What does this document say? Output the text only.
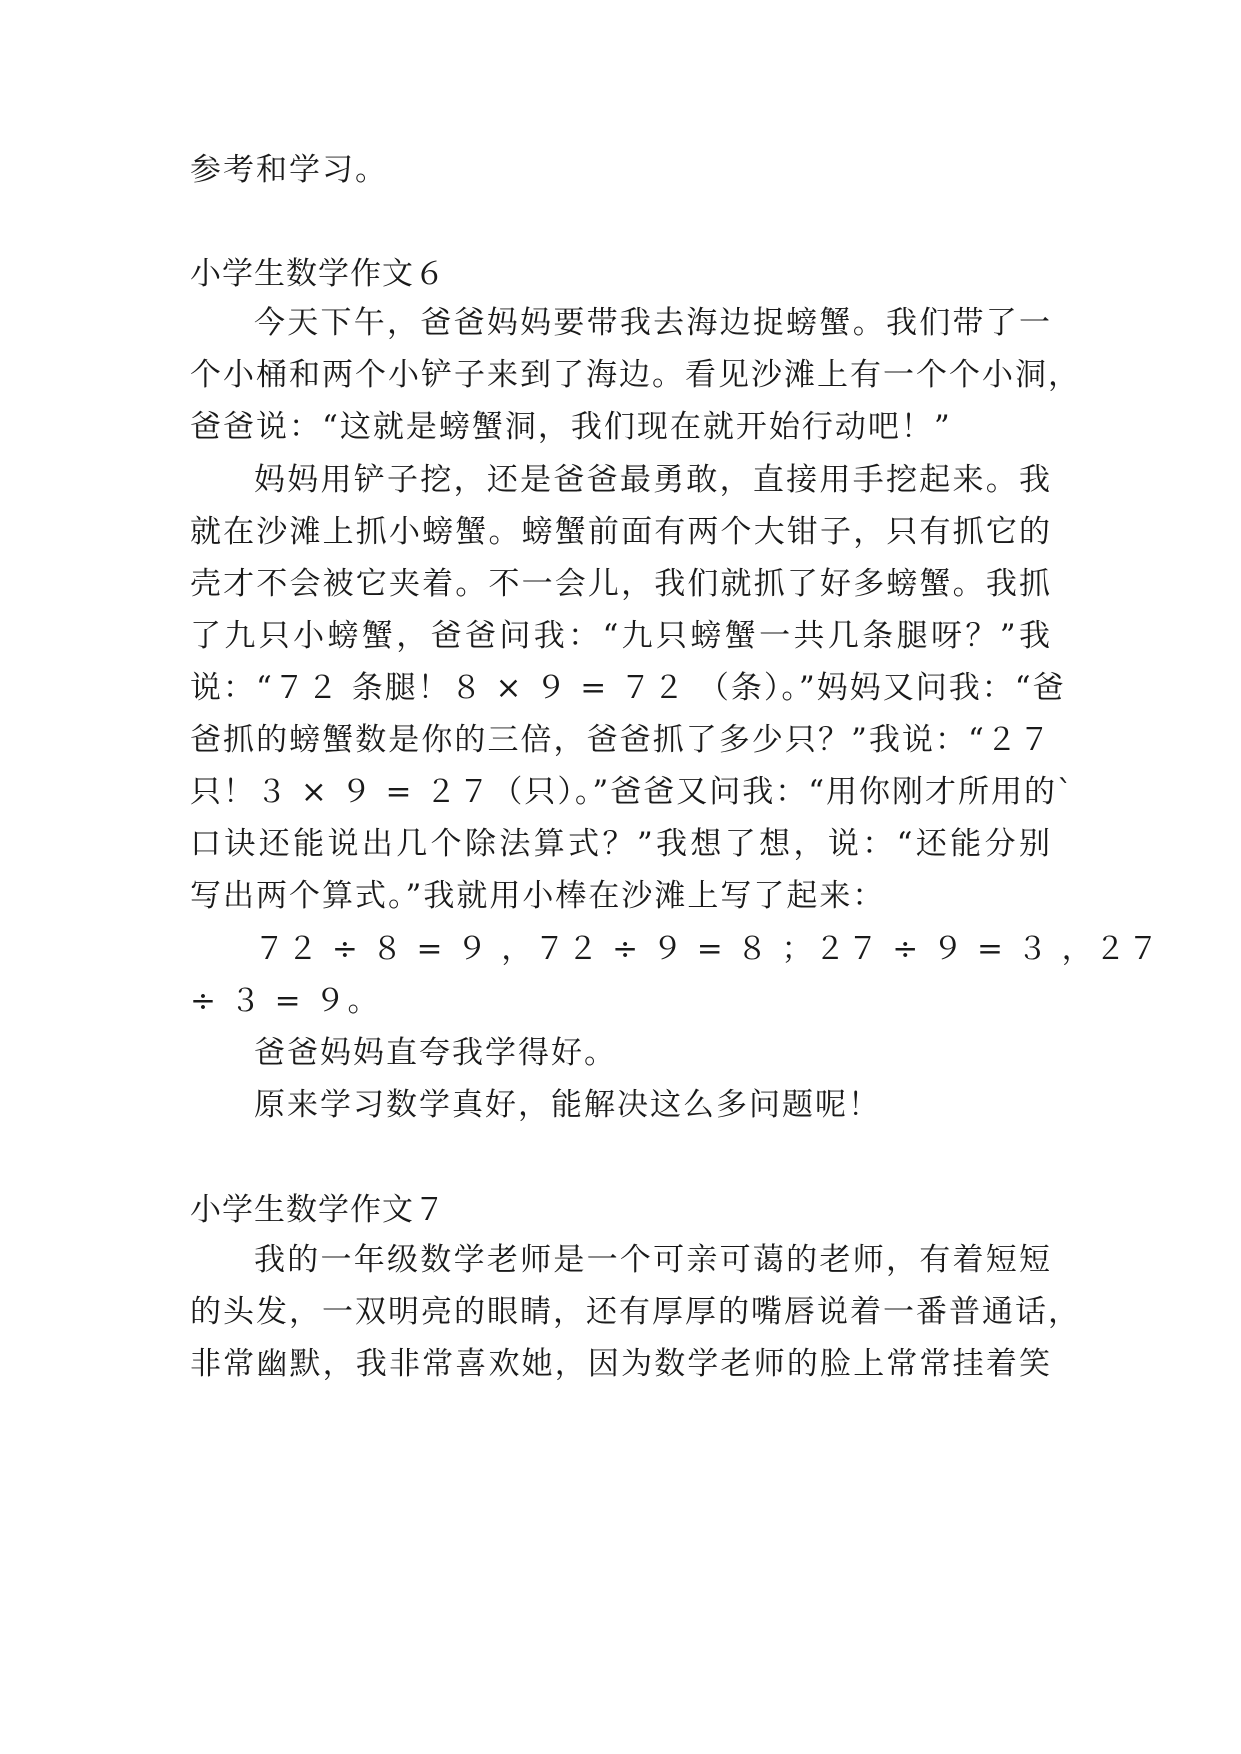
参考和学习。
小学生数学作文６
今天下午，爸爸妈妈要带我去海边捉螃蟹。我们带了一
个小桶和两个小铲子来到了海边。看见沙滩上有一个个小洞，
爸爸说：“这就是螃蟹洞，我们现在就开始行动吧！”
妈妈用铲子挖，还是爸爸最勇敢，直接用手挖起来。我
就在沙滩上抓小螃蟹。螃蟹前面有两个大钳子，只有抓它的
壳才不会被它夹着。不一会儿，我们就抓了好多螃蟹。我抓
了九只小螃蟹，爸爸问我：“九只螃蟹一共几条腿呀？”我
说：“７２ 条腿！８ × ９ = ７２ （条）。”妈妈又问我：“爸
爸抓的螃蟹数是你的三倍，爸爸抓了多少只？”我说：“２７
只！３ × ９ = ２７（只）。”爸爸又问我：“用你刚才所用的`
口诀还能说出几个除法算式？”我想了想，说：“还能分别
写出两个算式。”我就用小棒在沙滩上写了起来：
７２ ÷ ８ = ９ ，７２ ÷ ９ = ８ ；２７ ÷ ９ = ３ ，２７
÷ ３ = ９。
爸爸妈妈直夸我学得好。
原来学习数学真好，能解决这么多问题呢！
小学生数学作文７
我的一年级数学老师是一个可亲可蔼的老师，有着短短
的头发，一双明亮的眼睛，还有厚厚的嘴唇说着一番普通话，
非常幽默，我非常喜欢她，因为数学老师的脸上常常挂着笑
